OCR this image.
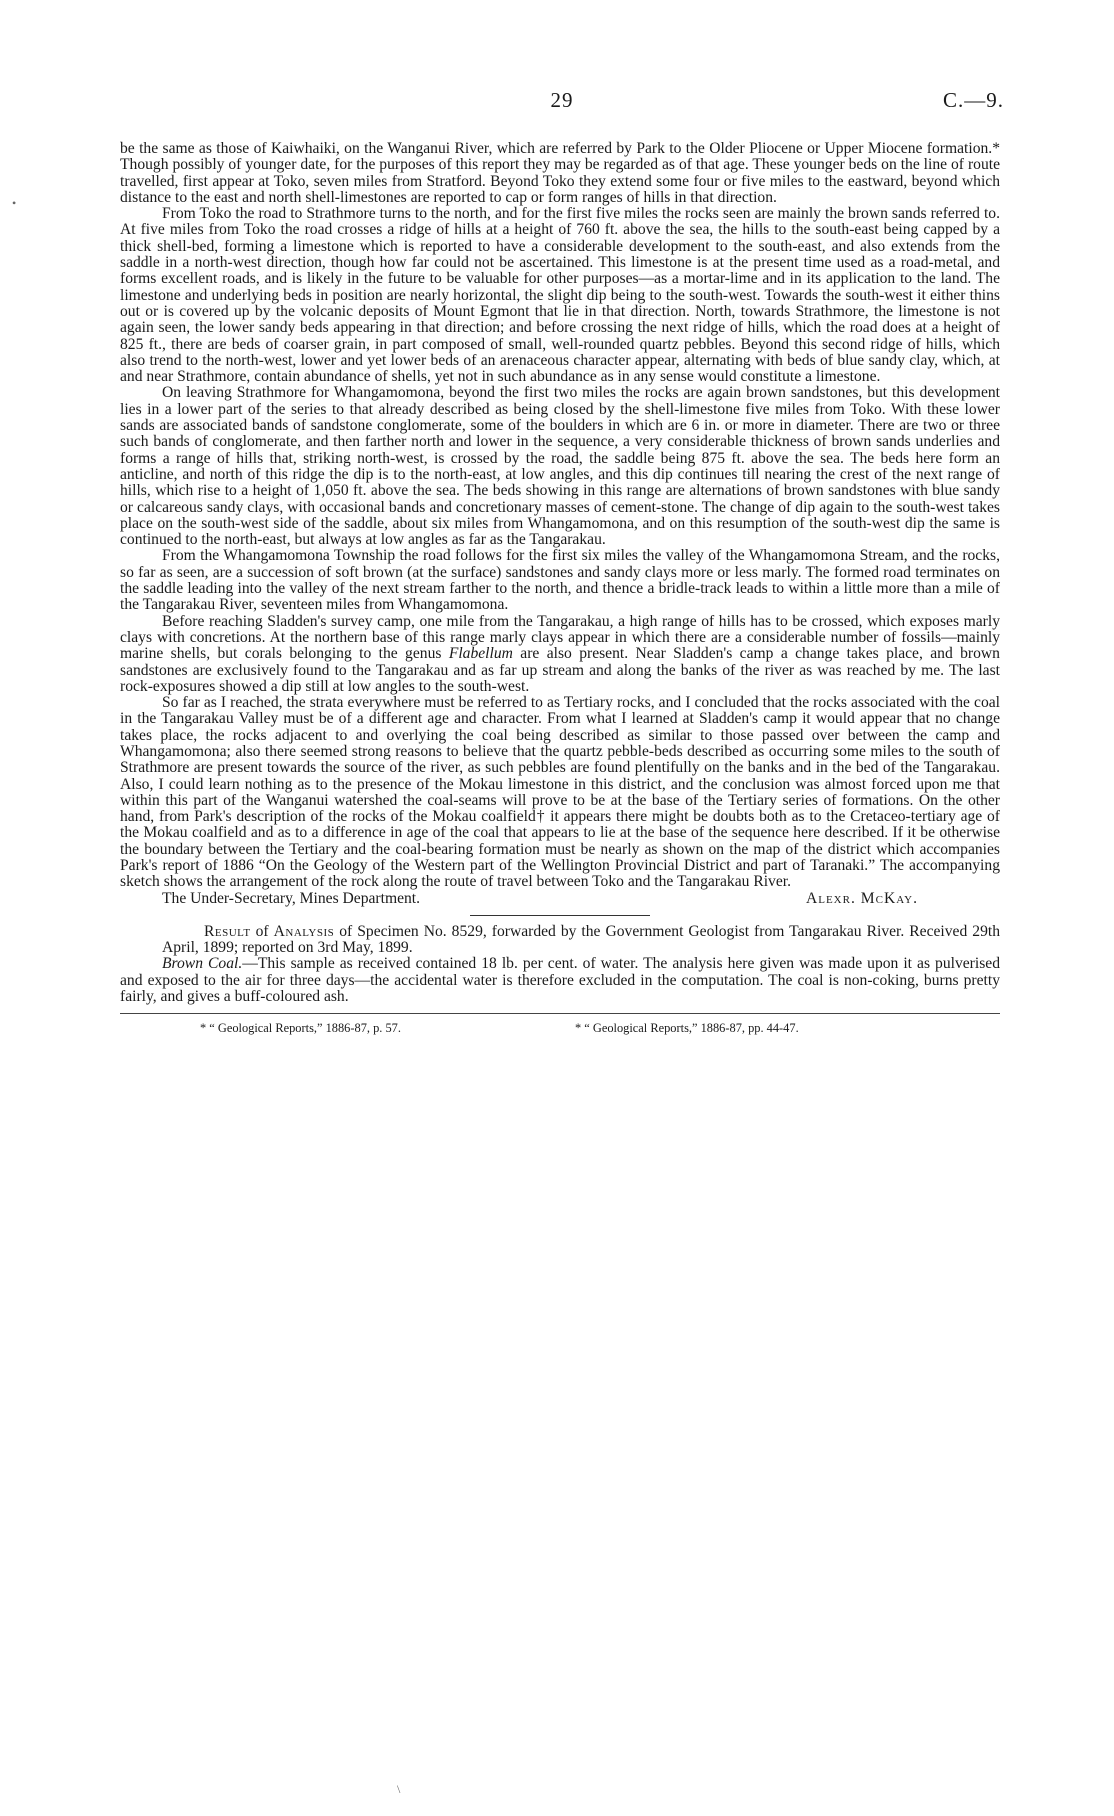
29	C.—9.
•

be the same as those of Kaiwhaiki, on the Wanganui River, which are referred by Park to the Older Pliocene or Upper Miocene formation.* Though possibly of younger date, for the purposes of this report they may be regarded as of that age. These younger beds on the line of route travelled, first appear at Toko, seven miles from Stratford. Beyond Toko they extend some four or five miles to the eastward, beyond which distance to the east and north shell-limestones are reported to cap or form ranges of hills in that direction.

From Toko the road to Strathmore turns to the north, and for the first five miles the rocks seen are mainly the brown sands referred to. At five miles from Toko the road crosses a ridge of hills at a height of 760 ft. above the sea, the hills to the south-east being capped by a thick shell-bed, forming a limestone which is reported to have a considerable development to the south-east, and also extends from the saddle in a north-west direction, though how far could not be ascertained. This limestone is at the present time used as a road-metal, and forms excellent roads, and is likely in the future to be valuable for other purposes—as a mortar-lime and in its application to the land. The limestone and underlying beds in position are nearly horizontal, the slight dip being to the south-west. Towards the south-west it either thins out or is covered up by the volcanic deposits of Mount Egmont that lie in that direction. North, towards Strathmore, the limestone is not again seen, the lower sandy beds appearing in that direction; and before crossing the next ridge of hills, which the road does at a height of 825 ft., there are beds of coarser grain, in part composed of small, well-rounded quartz pebbles. Beyond this second ridge of hills, which also trend to the north-west, lower and yet lower beds of an arenaceous character appear, alternating with beds of blue sandy clay, which, at and near Strathmore, contain abundance of shells, yet not in such abundance as in any sense would constitute a limestone.

On leaving Strathmore for Whangamomona, beyond the first two miles the rocks are again brown sandstones, but this development lies in a lower part of the series to that already described as being closed by the shell-limestone five miles from Toko. With these lower sands are associated bands of sandstone conglomerate, some of the boulders in which are 6 in. or more in diameter. There are two or three such bands of conglomerate, and then farther north and lower in the sequence, a very considerable thickness of brown sands underlies and forms a range of hills that, striking north-west, is crossed by the road, the saddle being 875 ft. above the sea. The beds here form an anticline, and north of this ridge the dip is to the north-east, at low angles, and this dip continues till nearing the crest of the next range of hills, which rise to a height of 1,050 ft. above the sea. The beds showing in this range are alternations of brown sandstones with blue sandy or calcareous sandy clays, with occasional bands and concretionary masses of cement-stone. The change of dip again to the south-west takes place on the south-west side of the saddle, about six miles from Whangamomona, and on this resumption of the south-west dip the same is continued to the north-east, but always at low angles as far as the Tangarakau.

From the Whangamomona Township the road follows for the first six miles the valley of the Whangamomona Stream, and the rocks, so far as seen, are a succession of soft brown (at the surface) sandstones and sandy clays more or less marly. The formed road terminates on the saddle leading into the valley of the next stream farther to the north, and thence a bridle-track leads to within a little more than a mile of the Tangarakau River, seventeen miles from Whangamomona.

Before reaching Sladden's survey camp, one mile from the Tangarakau, a high range of hills has to be crossed, which exposes marly clays with concretions. At the northern base of this range marly clays appear in which there are a considerable number of fossils—mainly marine shells, but corals belonging to the genus Flabellum are also present. Near Sladden's camp a change takes place, and brown sandstones are exclusively found to the Tangarakau and as far up stream and along the banks of the river as was reached by me. The last rock-exposures showed a dip still at low angles to the south-west.

So far as I reached, the strata everywhere must be referred to as Tertiary rocks, and I concluded that the rocks associated with the coal in the Tangarakau Valley must be of a different age and character. From what I learned at Sladden's camp it would appear that no change takes place, the rocks adjacent to and overlying the coal being described as similar to those passed over between the camp and Whangamomona; also there seemed strong reasons to believe that the quartz pebble-beds described as occurring some miles to the south of Strathmore are present towards the source of the river, as such pebbles are found plentifully on the banks and in the bed of the Tangarakau. Also, I could learn nothing as to the presence of the Mokau limestone in this district, and the conclusion was almost forced upon me that within this part of the Wanganui watershed the coal-seams will prove to be at the base of the Tertiary series of formations. On the other hand, from Park's description of the rocks of the Mokau coalfield† it appears there might be doubts both as to the Cretaceo-tertiary age of the Mokau coalfield and as to a difference in age of the coal that appears to lie at the base of the sequence here described. If it be otherwise the boundary between the Tertiary and the coal-bearing formation must be nearly as shown on the map of the district which accompanies Park's report of 1886 “On the Geology of the Western part of the Wellington Provincial District and part of Taranaki.” The accompanying sketch shows the arrangement of the rock along the route of travel between Toko and the Tangarakau River.

The Under-Secretary, Mines Department.	Alexr. McKay.

Result of Analysis of Specimen No. 8529, forwarded by the Government Geologist from Tangarakau River. Received 29th April, 1899; reported on 3rd May, 1899.

Brown Coal.—This sample as received contained 18 lb. per cent. of water. The analysis here given was made upon it as pulverised and exposed to the air for three days—the accidental water is therefore excluded in the computation. The coal is non-coking, burns pretty fairly, and gives a buff-coloured ash.

* “ Geological Reports,” 1886-87, p. 57.	* “ Geological Reports,” 1886-87, pp. 44-47.
\
